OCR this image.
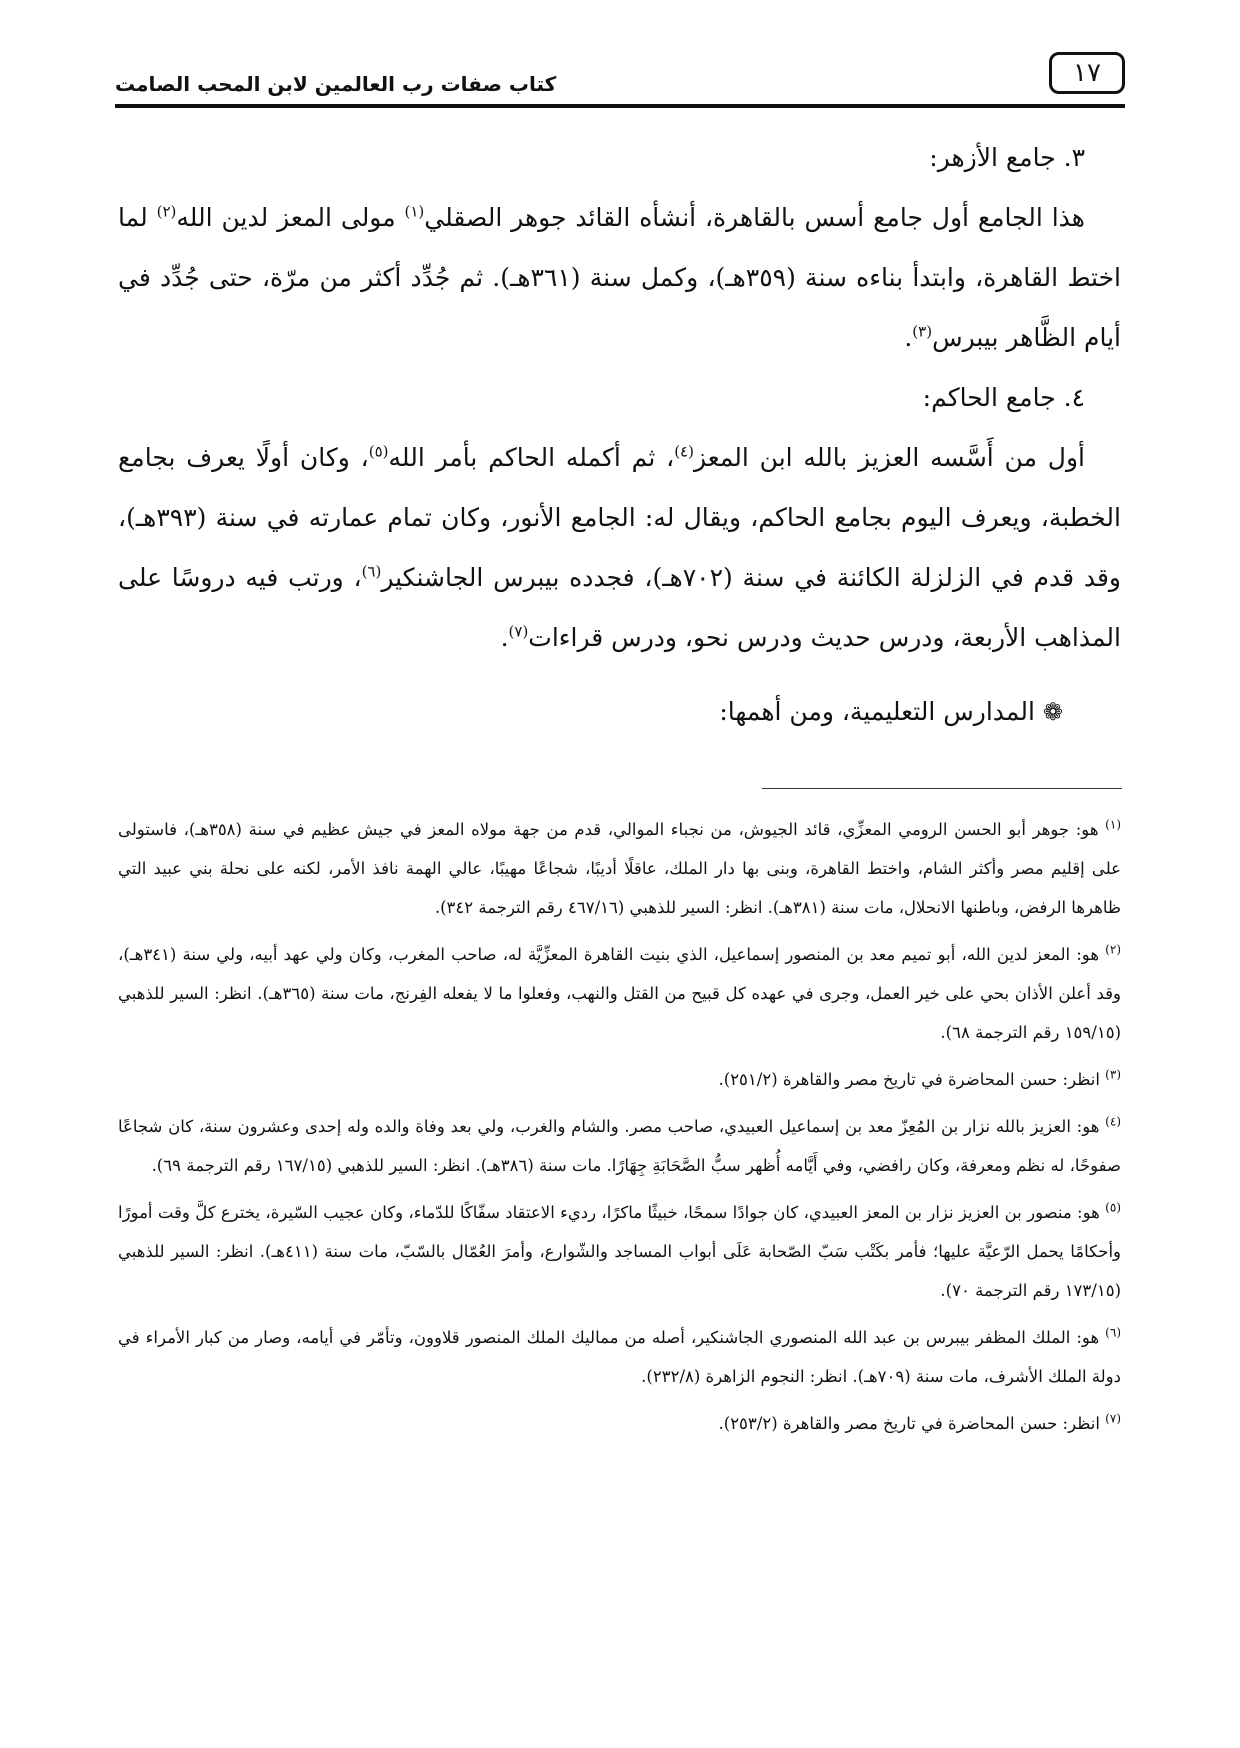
كتاب صفات رب العالمين لابن المحب الصامت	١٧

٣. جامع الأزهر:

هذا الجامع أول جامع أسس بالقاهرة، أنشأه القائد جوهر الصقلي$^{(١)}$ مولى المعز لدين الله$^{(٢)}$ لما اختط القاهرة، وابتدأ بناءه سنة (٣٥٩هـ)، وكمل سنة (٣٦١هـ). ثم جُدِّد أكثر من مرّة، حتى جُدِّد في أيام الظَّاهر بيبرس$^{(٣)}$.

٤. جامع الحاكم:

أول من أَسَّسه العزيز بالله ابن المعز$^{(٤)}$، ثم أكمله الحاكم بأمر الله$^{(٥)}$، وكان أولًا يعرف بجامع الخطبة، ويعرف اليوم بجامع الحاكم، ويقال له: الجامع الأنور، وكان تمام عمارته في سنة (٣٩٣هـ)، وقد قدم في الزلزلة الكائنة في سنة (٧٠٢هـ)، فجدده بيبرس الجاشنكير$^{(٦)}$، ورتب فيه دروسًا على المذاهب الأربعة، ودرس حديث ودرس نحو، ودرس قراءات$^{(٧)}$.

❁ المدارس التعليمية، ومن أهمها:

$^{(١)}$ هو: جوهر أبو الحسن الرومي المعزِّي، قائد الجيوش، من نجباء الموالي، قدم من جهة مولاه المعز في جيش عظيم في سنة (٣٥٨هـ)، فاستولى على إقليم مصر وأكثر الشام، واختط القاهرة، وبنى بها دار الملك، عاقلًا أديبًا، شجاعًا مهيبًا، عالي الهمة نافذ الأمر، لكنه على نحلة بني عبيد التي ظاهرها الرفض، وباطنها الانحلال، مات سنة (٣٨١هـ). انظر: السير للذهبي (٤٦٧/١٦ رقم الترجمة ٣٤٢).

$^{(٢)}$ هو: المعز لدين الله، أبو تميم معد بن المنصور إسماعيل، الذي بنيت القاهرة المعزِّيَّة له، صاحب المغرب، وكان ولي عهد أبيه، ولي سنة (٣٤١هـ)، وقد أعلن الأذان بحي على خير العمل، وجرى في عهده كل قبيح من القتل والنهب، وفعلوا ما لا يفعله الفِرنج، مات سنة (٣٦٥هـ). انظر: السير للذهبي (١٥٩/١٥ رقم الترجمة ٦٨).

$^{(٣)}$ انظر: حسن المحاضرة في تاريخ مصر والقاهرة (٢٥١/٢).

$^{(٤)}$ هو: العزيز بالله نزار بن المُعِزّ معد بن إسماعيل العبيدي، صاحب مصر. والشام والغرب، ولي بعد وفاة والده وله إحدى وعشرون سنة، كان شجاعًا صفوحًا، له نظم ومعرفة، وكان رافضي، وفي أَيَّامه أُظهر سبُّ الصَّحَابَةِ جِهَارًا. مات سنة (٣٨٦هـ). انظر: السير للذهبي (١٦٧/١٥ رقم الترجمة ٦٩).

$^{(٥)}$ هو: منصور بن العزيز نزار بن المعز العبيدي، كان جوادًا سمحًا، خبيثًا ماكرًا، رديء الاعتقاد سفّاكًا للدّماء، وكان عجيب السّيرة، يخترع كلَّ وقت أمورًا وأحكامًا يحمل الرّعيَّة عليها؛ فأمر بكَتْب سَبّ الصّحابة عَلَى أبواب المساجد والشّوارع، وأمرَ العُمّال بالسّبّ، مات سنة (٤١١هـ). انظر: السير للذهبي (١٧٣/١٥ رقم الترجمة ٧٠).

$^{(٦)}$ هو: الملك المظفر بيبرس بن عبد الله المنصوري الجاشنكير، أصله من مماليك الملك المنصور قلاوون، وتأمّر في أيامه، وصار من كبار الأمراء في دولة الملك الأشرف، مات سنة (٧٠٩هـ). انظر: النجوم الزاهرة (٢٣٢/٨).

$^{(٧)}$ انظر: حسن المحاضرة في تاريخ مصر والقاهرة (٢٥٣/٢).
